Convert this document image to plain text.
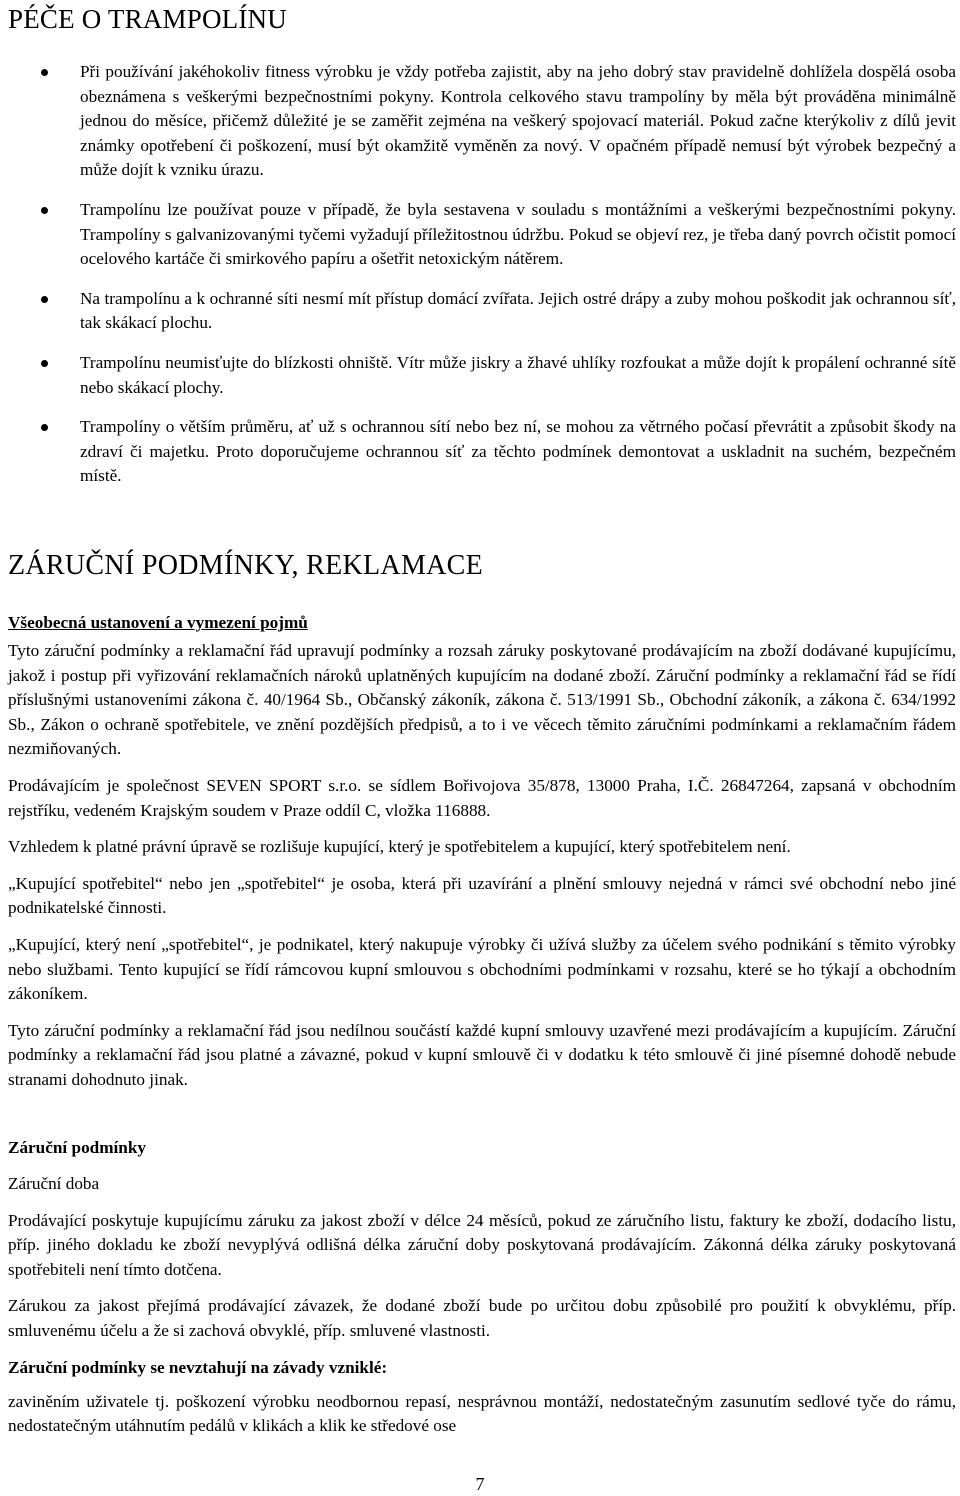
PÉČE O TRAMPOLÍNU

Při používání jakéhokoliv fitness výrobku je vždy potřeba zajistit, aby na jeho dobrý stav pravidelně dohlížela dospělá osoba obeznámena s veškerými bezpečnostními pokyny. Kontrola celkového stavu trampolíny by měla být prováděna minimálně jednou do měsíce, přičemž důležité je se zaměřit zejména na veškerý spojovací materiál. Pokud začne kterýkoliv z dílů jevit známky opotřebení či poškození, musí být okamžitě vyměněn za nový. V opačném případě nemusí být výrobek bezpečný a může dojít k vzniku úrazu.

Trampolínu lze používat pouze v případě, že byla sestavena v souladu s montážními a veškerými bezpečnostními pokyny. Trampolíny s galvanizovanými tyčemi vyžadují příležitostnou údržbu. Pokud se objeví rez, je třeba daný povrch očistit pomocí ocelového kartáče či smirkového papíru a ošetřit netoxickým nátěrem.

Na trampolínu a k ochranné síti nesmí mít přístup domácí zvířata. Jejich ostré drápy a zuby mohou poškodit jak ochrannou síť, tak skákací plochu.

Trampolínu neumisťujte do blízkosti ohniště. Vítr může jiskry a žhavé uhlíky rozfoukat a může dojít k propálení ochranné sítě nebo skákací plochy.

Trampolíny o větším průměru, ať už s ochrannou sítí nebo bez ní, se mohou za větrného počasí převrátit a způsobit škody na zdraví či majetku. Proto doporučujeme ochrannou síť za těchto podmínek demontovat a uskladnit na suchém, bezpečném místě.

ZÁRUČNÍ PODMÍNKY, REKLAMACE

Všeobecná ustanovení a vymezení pojmů

Tyto záruční podmínky a reklamační řád upravují podmínky a rozsah záruky poskytované prodávajícím na zboží dodávané kupujícímu, jakož i postup při vyřizování reklamačních nároků uplatněných kupujícím na dodané zboží. Záruční podmínky a reklamační řád se řídí příslušnými ustanoveními zákona č. 40/1964 Sb., Občanský zákoník, zákona č. 513/1991 Sb., Obchodní zákoník, a zákona č. 634/1992 Sb., Zákon o ochraně spotřebitele, ve znění pozdějších předpisů, a to i ve věcech těmito záručními podmínkami a reklamačním řádem nezmiňovaných.

Prodávajícím je společnost SEVEN SPORT s.r.o. se sídlem Bořivojova 35/878, 13000 Praha, I.Č. 26847264, zapsaná v obchodním rejstříku, vedeném Krajským soudem v Praze oddíl C, vložka 116888.

Vzhledem k platné právní úpravě se rozlišuje kupující, který je spotřebitelem a kupující, který spotřebitelem není.

„Kupující spotřebitel“ nebo jen „spotřebitel“ je osoba, která při uzavírání a plnění smlouvy nejedná v rámci své obchodní nebo jiné podnikatelské činnosti.

„Kupující, který není „spotřebitel“, je podnikatel, který nakupuje výrobky či užívá služby za účelem svého podnikání s těmito výrobky nebo službami. Tento kupující se řídí rámcovou kupní smlouvou s obchodními podmínkami v rozsahu, které se ho týkají a obchodním zákoníkem.

Tyto záruční podmínky a reklamační řád jsou nedílnou součástí každé kupní smlouvy uzavřené mezi prodávajícím a kupujícím. Záruční podmínky a reklamační řád jsou platné a závazné, pokud v kupní smlouvě či v dodatku k této smlouvě či jiné písemné dohodě nebude stranami dohodnuto jinak.

Záruční podmínky

Záruční doba

Prodávající poskytuje kupujícímu záruku za jakost zboží v délce 24 měsíců, pokud ze záručního listu, faktury ke zboží, dodacího listu, příp. jiného dokladu ke zboží nevyplývá odlišná délka záruční doby poskytovaná prodávajícím. Zákonná délka záruky poskytovaná spotřebiteli není tímto dotčena.

Zárukou za jakost přejímá prodávající závazek, že dodané zboží bude po určitou dobu způsobilé pro použití k obvyklému, příp. smluvenému účelu a že si zachová obvyklé, příp. smluvené vlastnosti.

Záruční podmínky se nevztahují na závady vzniklé:

zaviněním uživatele tj. poškození výrobku neodbornou repasí, nesprávnou montáží, nedostatečným zasunutím sedlové tyče do rámu, nedostatečným utáhnutím pedálů v klikách a klik ke středové ose

7
